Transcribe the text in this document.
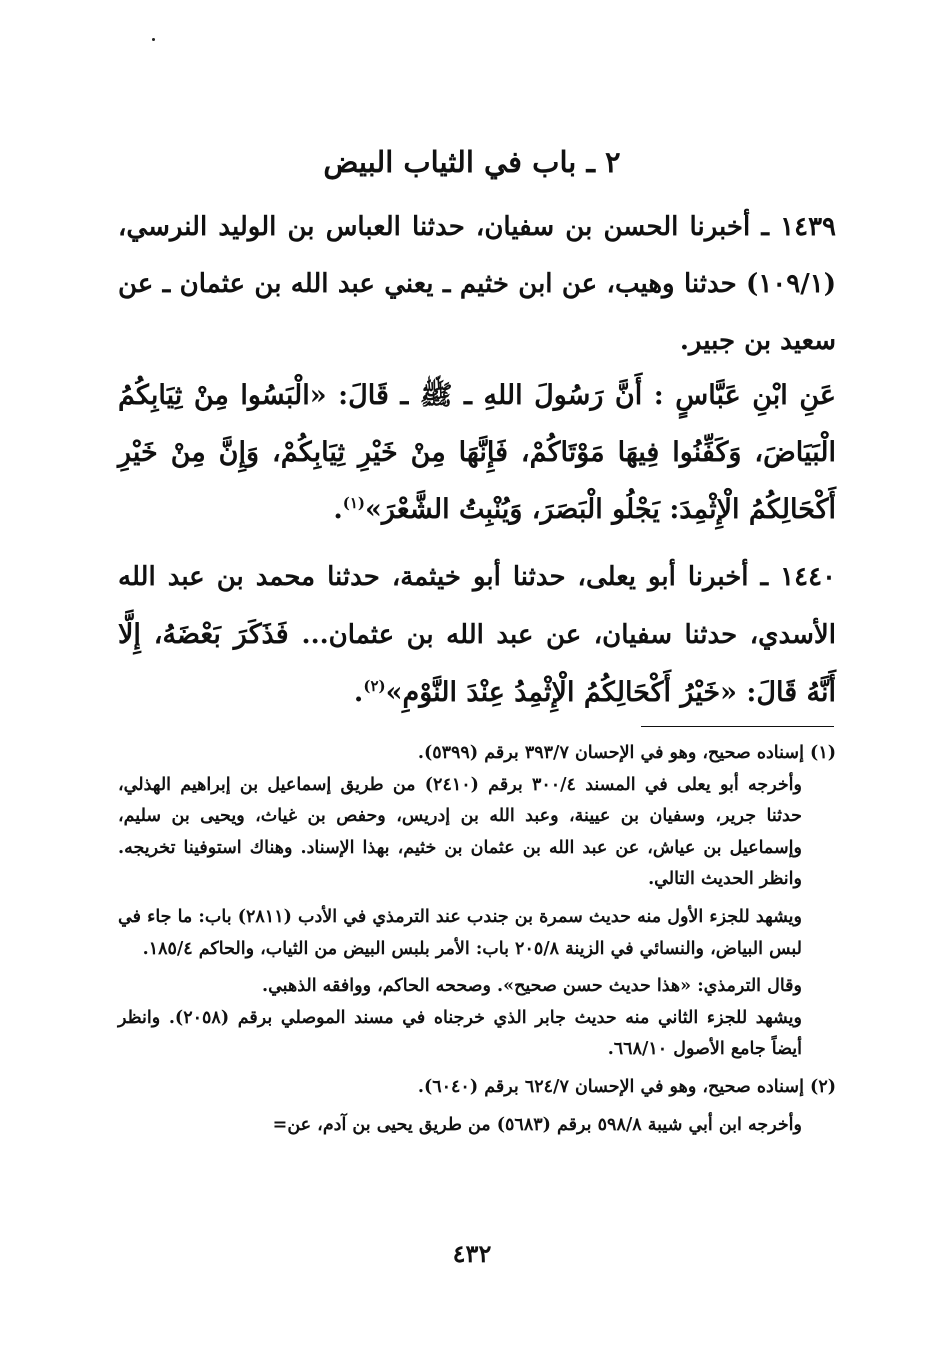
٢ ـ باب في الثياب البيض

١٤٣٩ ـ أخبرنا الحسن بن سفيان، حدثنا العباس بن الوليد النرسي، (١٠٩/١) حدثنا وهيب، عن ابن خثيم ـ يعني عبد الله بن عثمان ـ عن سعيد بن جبير.

عَنِ ابْنِ عَبَّاسٍ : أَنَّ رَسُولَ اللهِ ـ ﷺ ـ قَالَ: «الْبَسُوا مِنْ ثِيَابِكُمُ الْبَيَاضَ، وَكَفِّنُوا فِيهَا مَوْتَاكُمْ، فَإِنَّهَا مِنْ خَيْرِ ثِيَابِكُمْ، وَإِنَّ مِنْ خَيْرِ أَكْحَالِكُمُ الْإِثْمِدَ: يَجْلُو الْبَصَرَ، وَيُنْبِتُ الشَّعْرَ»$^{(١)}$.

١٤٤٠ ـ أخبرنا أبو يعلى، حدثنا أبو خيثمة، حدثنا محمد بن عبد الله الأسدي، حدثنا سفيان، عن عبد الله بن عثمان... فَذَكَرَ بَعْضَهُ، إِلَّا أَنَّهُ قَالَ: «خَيْرُ أَكْحَالِكُمُ الْإِثْمِدُ عِنْدَ النَّوْمِ»$^{(٢)}$.

(١) إسناده صحيح، وهو في الإحسان ٣٩٣/٧ برقم (٥٣٩٩).

وأخرجه أبو يعلى في المسند ٣٠٠/٤ برقم (٢٤١٠) من طريق إسماعيل بن إبراهيم الهذلي، حدثنا جرير، وسفيان بن عيينة، وعبد الله بن إدريس، وحفص بن غياث، ويحيى بن سليم، وإسماعيل بن عياش، عن عبد الله بن عثمان بن خثيم، بهذا الإسناد. وهناك استوفينا تخريجه. وانظر الحديث التالي.

ويشهد للجزء الأول منه حديث سمرة بن جندب عند الترمذي في الأدب (٢٨١١) باب: ما جاء في لبس البياض، والنسائي في الزينة ٢٠٥/٨ باب: الأمر بلبس البيض من الثياب، والحاكم ١٨٥/٤.

وقال الترمذي: «هذا حديث حسن صحيح». وصححه الحاكم، ووافقه الذهبي.

ويشهد للجزء الثاني منه حديث جابر الذي خرجناه في مسند الموصلي برقم (٢٠٥٨). وانظر أيضاً جامع الأصول ٦٦٨/١٠.

(٢) إسناده صحيح، وهو في الإحسان ٦٢٤/٧ برقم (٦٠٤٠).

وأخرجه ابن أبي شيبة ٥٩٨/٨ برقم (٥٦٨٣) من طريق يحيى بن آدم، عن=

٤٣٢
